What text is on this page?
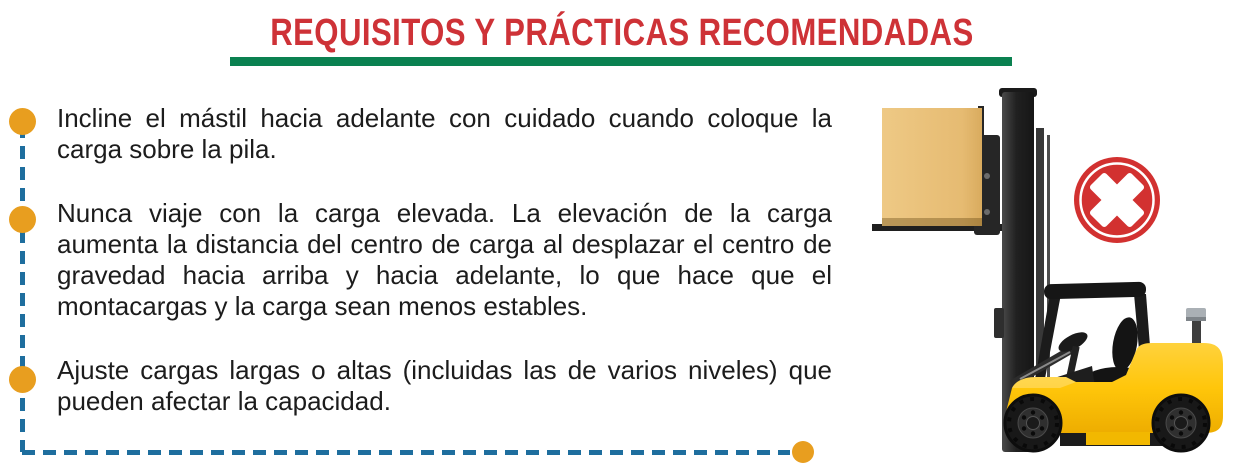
REQUISITOS Y PRÁCTICAS RECOMENDADAS

Incline el mástil hacia adelante con cuidado cuando coloque la carga sobre la pila.

Nunca viaje con la carga elevada. La elevación de la carga aumenta la distancia del centro de carga al desplazar el centro de gravedad hacia arriba y hacia adelante, lo que hace que el montacargas y la carga sean menos estables.

Ajuste cargas largas o altas (incluidas las de varios niveles) que pueden afectar la capacidad.
